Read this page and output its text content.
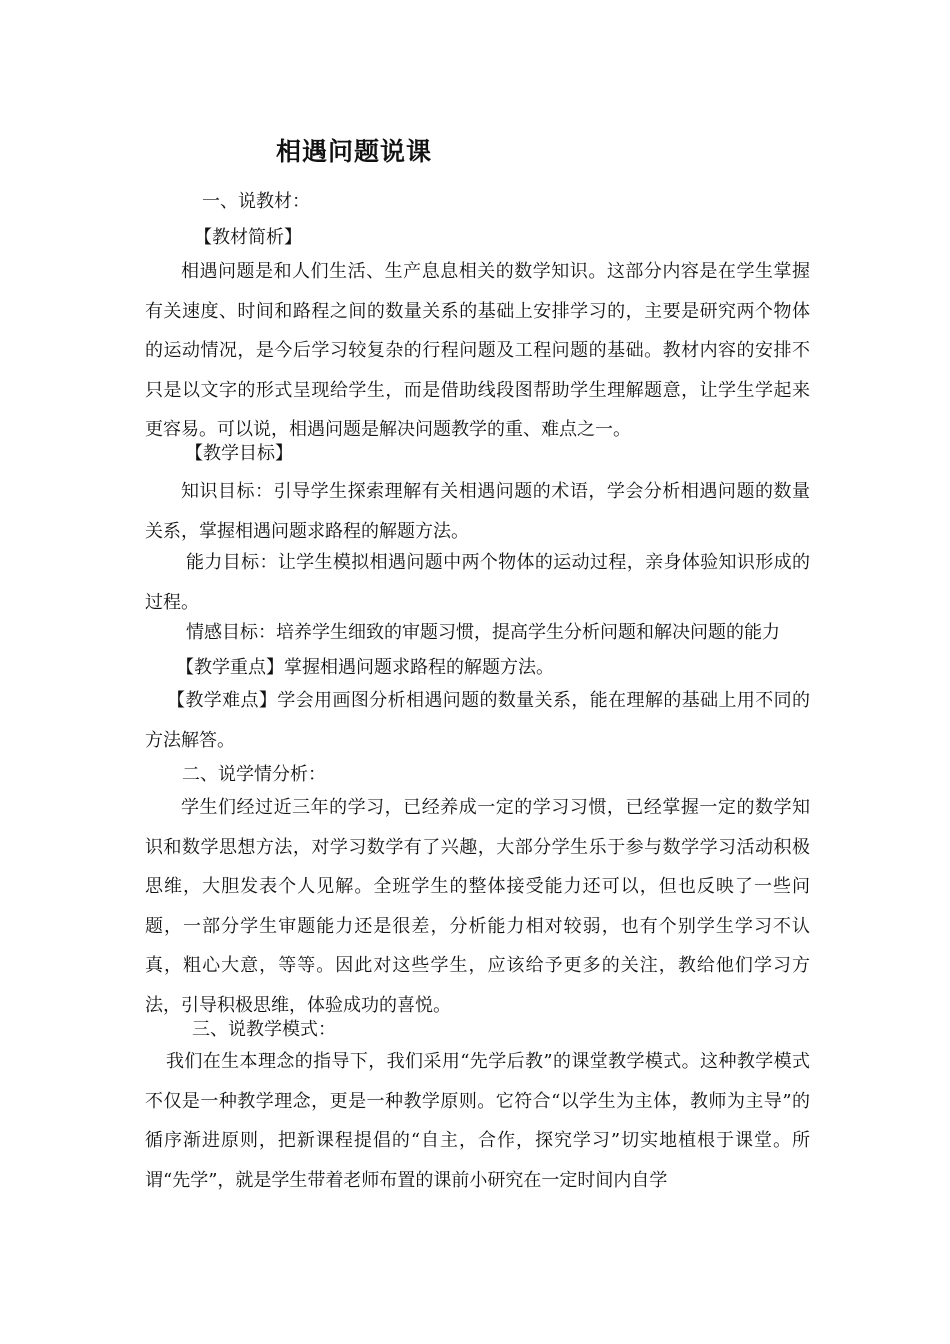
相遇问题说课

一、说教材：

【教材简析】

相遇问题是和人们生活、生产息息相关的数学知识。这部分内容是在学生掌握有关速度、时间和路程之间的数量关系的基础上安排学习的，主要是研究两个物体的运动情况，是今后学习较复杂的行程问题及工程问题的基础。教材内容的安排不只是以文字的形式呈现给学生，而是借助线段图帮助学生理解题意，让学生学起来更容易。可以说，相遇问题是解决问题教学的重、难点之一。

【教学目标】

知识目标：引导学生探索理解有关相遇问题的术语，学会分析相遇问题的数量关系，掌握相遇问题求路程的解题方法。

能力目标：让学生模拟相遇问题中两个物体的运动过程，亲身体验知识形成的过程。

情感目标：培养学生细致的审题习惯，提高学生分析问题和解决问题的能力

【教学重点】掌握相遇问题求路程的解题方法。

【教学难点】学会用画图分析相遇问题的数量关系，能在理解的基础上用不同的方法解答。

二、说学情分析：

学生们经过近三年的学习，已经养成一定的学习习惯，已经掌握一定的数学知识和数学思想方法，对学习数学有了兴趣，大部分学生乐于参与数学学习活动积极思维，大胆发表个人见解。全班学生的整体接受能力还可以，但也反映了一些问题，一部分学生审题能力还是很差，分析能力相对较弱，也有个别学生学习不认真，粗心大意，等等。因此对这些学生，应该给予更多的关注，教给他们学习方法，引导积极思维，体验成功的喜悦。

三、说教学模式：

我们在生本理念的指导下，我们采用“先学后教”的课堂教学模式。这种教学模式不仅是一种教学理念，更是一种教学原则。它符合“以学生为主体，教师为主导”的循序渐进原则，把新课程提倡的“自主，合作，探究学习”切实地植根于课堂。所谓“先学”，就是学生带着老师布置的课前小研究在一定时间内自学
